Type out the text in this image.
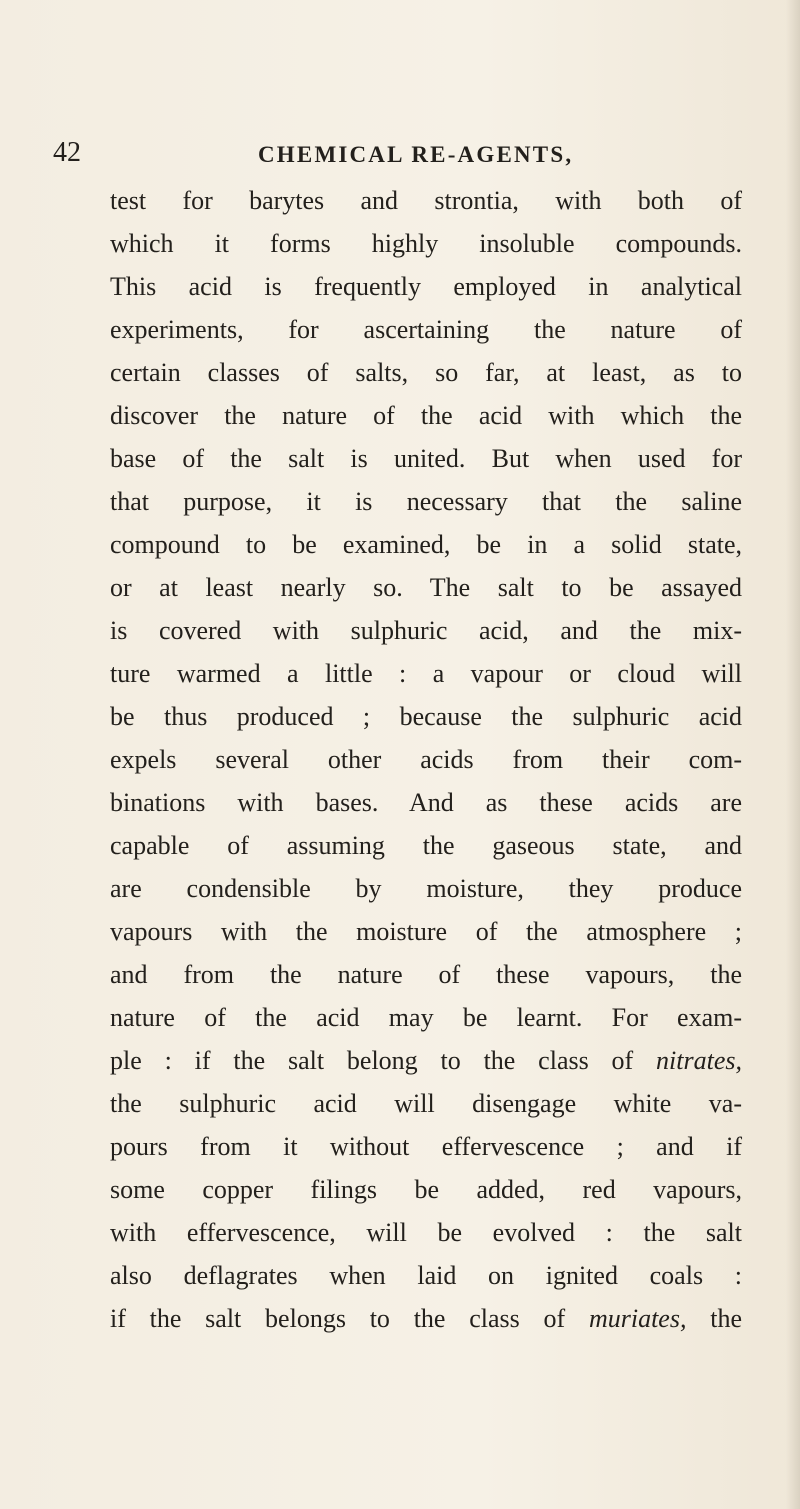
42	CHEMICAL RE-AGENTS,
test for barytes and strontia, with both of
which it forms highly insoluble compounds.
This acid is frequently employed in analytical
experiments, for ascertaining the nature of
certain classes of salts, so far, at least, as to
discover the nature of the acid with which the
base of the salt is united. But when used for
that purpose, it is necessary that the saline
compound to be examined, be in a solid state,
or at least nearly so. The salt to be assayed
is covered with sulphuric acid, and the mix-
ture warmed a little : a vapour or cloud will
be thus produced ; because the sulphuric acid
expels several other acids from their com-
binations with bases. And as these acids are
capable of assuming the gaseous state, and
are condensible by moisture, they produce
vapours with the moisture of the atmosphere ;
and from the nature of these vapours, the
nature of the acid may be learnt. For exam-
ple : if the salt belong to the class of nitrates,
the sulphuric acid will disengage white va-
pours from it without effervescence ; and if
some copper filings be added, red vapours,
with effervescence, will be evolved : the salt
also deflagrates when laid on ignited coals :
if the salt belongs to the class of muriates, the
